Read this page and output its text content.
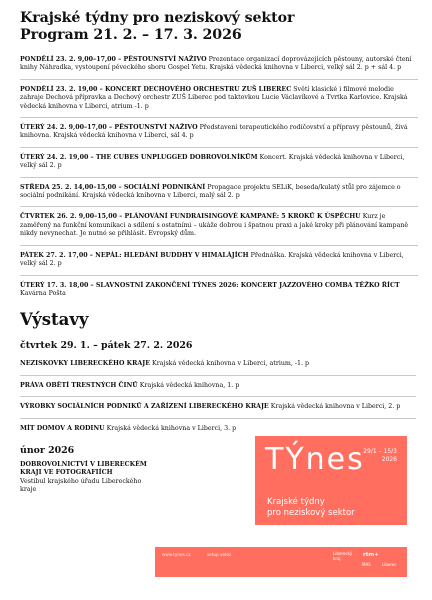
Krajské týdny pro neziskový sektor
Program 21. 2. – 17. 3. 2026
PONDĚLÍ 23. 2. 9,00–17,00 – PĚSTOUNSTVÍ NAŽIVO Prezentace organizací doprovázejících pěstouny, autorské čtení knihy Náhradka, vystoupení pěveckého sboru Gospel Yetu. Krajská vědecká knihovna v Liberci, velký sál 2. p + sál 4. p
PONDĚLÍ 23. 2. 19,00 – KONCERT DECHOVÉHO ORCHESTRU ZUŠ LIBEREC Světí klasické i filmové melodie zahraje Dechová přípravka a Dechový orchestr ZUŠ Liberec pod taktovkou Lucie Václavíkové a Tvrtka Karlovice. Krajská vědecká knihovna v Liberci, atrium -1. p
ÚTERÝ 24. 2. 9,00–17,00 – PĚSTOUNSTVÍ NAŽIVO Představení terapeutického rodičovství a přípravy pěstounů, živá knihovna. Krajská vědecká knihovna v Liberci, sál 4. p
ÚTERÝ 24. 2. 19,00 – THE CUBES UNPLUGGED DOBROVOLNÍKŮM Koncert. Krajská vědecká knihovna v Liberci, velký sál 2. p
STŘEDA 25. 2. 14,00–15,00 – SOCIÁLNÍ PODNIKÁNÍ Propagace projektu SELiK, beseda/kulatý stůl pro zájemce o sociální podnikání. Krajská vědecká knihovna v Liberci, malý sál 2. p
ČTVRTEK 26. 2. 9,00–15,00 – PLÁNOVÁNÍ FUNDRAISINGOVÉ KAMPANĚ: 5 KROKŮ K ÚSPĚCHU Kurz je zaměřený na funkční komunikaci a sdílení s ostatními – ukáže dobrou i špatnou praxi a jaké kroky při plánování kampaně nikdy nevynechat. Je nutné se přihlásit. Evropský dům.
PÁTEK 27. 2. 17,00 – NEPÁL: HLEDÁNÍ BUDDHY V HIMALÁJÍCH Přednáška. Krajská vědecká knihovna v Liberci, velký sál 2. p
ÚTERÝ 17. 3. 18,00 – SLAVNOSTNÍ ZAKONČENÍ TÝNES 2026: KONCERT JAZZOVÉHO COMBA TĚŽKO ŘÍCT Kavárna Pošta
Výstavy
čtvrtek 29. 1. – pátek 27. 2. 2026
NEZISKOVKY LIBERECKÉHO KRAJE Krajská vědecká knihovna v Liberci, atrium, -1. p
PRÁVA OBĚTÍ TRESTNÝCH ČINŮ Krajská vědecká knihovna, 1. p
VÝROBKY SOCIÁLNÍCH PODNIKŮ A ZAŘÍZENÍ LIBERECKÉHO KRAJE Krajská vědecká knihovna v Liberci, 2. p
MÍT DOMOV A RODINU Krajská vědecká knihovna v Liberci, 3. p
únor 2026
DOBROVOLNICTVÍ V LIBERECKÉM KRAJI VE FOTOGRAFIÍCH
Vestibul krajského úřadu Libereckého kraje
TÝnes
29/1 – 15/3
2026
Krajské týdny
pro neziskový sektor
www.tynes.cz	setup velez	Liberecký
kraj
rtm+
MAS	Liberec
